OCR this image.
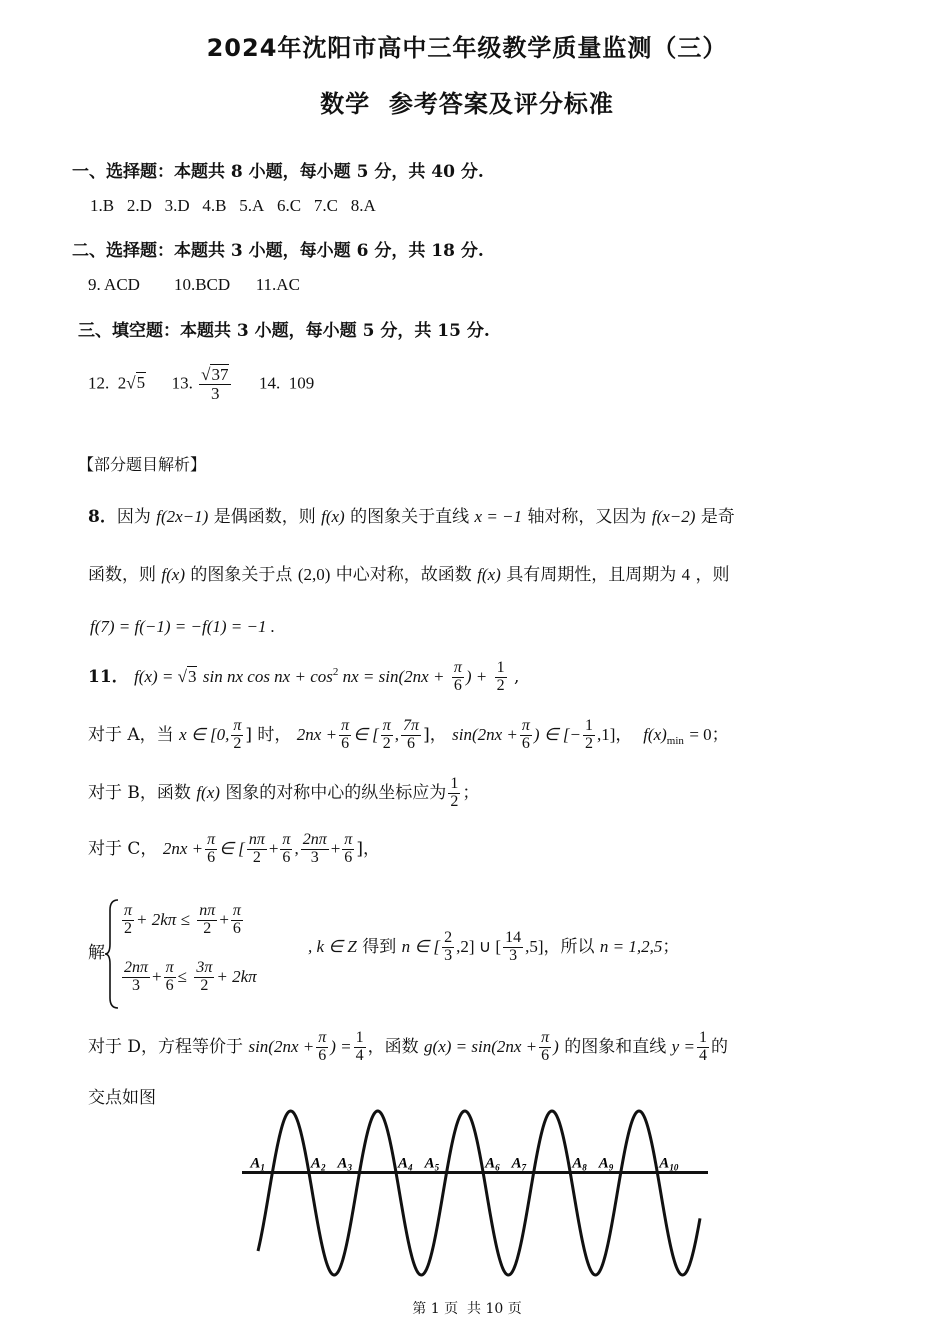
2024年沈阳市高中三年级教学质量监测（三）
数学  参考答案及评分标准
一、选择题：本题共 8 小题，每小题 5 分，共 40 分.
1.B 2.D 3.D 4.B 5.A 6.C 7.C 8.A
二、选择题：本题共 3 小题，每小题 6 分，共 18 分.
9. ACD 10.BCD 11.AC
三、填空题：本题共 3 小题，每小题 5 分，共 15 分.
12. 2√5 13. $\frac{√37}{3} 14$. 109
【部分题目解析】
8．因为 f(2x−1) 是偶函数，则 f(x) 的图象关于直线 x = −1 轴对称，又因为 f(x−2) 是奇
函数，则 f(x) 的图象关于点 (2,0) 中心对称，故函数 f(x) 具有周期性，且周期为 4 ，则
f(7) = f(−1) = −f(1) = −1 .
11． f(x) = √3 sin nx cos nx + $\cos^2$ nx = $\sin(2nx + \frac{\pi}{6}$ ) + $\frac{1}{2}$ ,
对于 A，当 x ∈ [0, $\frac{\pi}{2}$ ] 时， $2nx + \frac{\pi}{6}$ ∈ [ $\frac{\pi}{2}$ , $\frac{7\pi}{6}$ ]， $\sin(2nx + \frac{\pi}{6}$ ) ∈ [− $\frac{1}{2} ,1$]， $f(x)_{min} = 0$；
对于 B，函数 f(x) 图象的对称中心的纵坐标应为 $\frac{1}{2}$ ；
对于 C， $2nx + \frac{\pi}{6}$ ∈ [ $\frac{n\pi}{2} + \frac{\pi}{6}$ , $\frac{2n\pi}{3} + \frac{\pi}{6}$ ]，
解
$\frac{\pi}{2} + 2k\pi \le \frac{n\pi}{2} + \frac{\pi}{6}$
$\frac{2n\pi}{3} + \frac{\pi}{6} \le \frac{3\pi}{2} + 2k\pi$
, k ∈ Z 得到 n ∈ [ $\frac{2}{3} ,2$] ∪ [ $\frac{14}{3} ,5$]，所以 n = 1,2,5；
对于 D，方程等价于 $\sin(2nx + \frac{\pi}{6}$ ) = $\frac{1}{4}$ ，函数 $g(x) = \sin(2nx + \frac{\pi}{6}$ ) 的图象和直线 $y = \frac{1}{4}$ 的
交点如图
$A_1$	$A_2$ $A_3$	$A_4$ $A_5$	$A_6$ $A_7$	$A_8$ $A_9$	$A_{10}$
第 1 页  共 10 页
